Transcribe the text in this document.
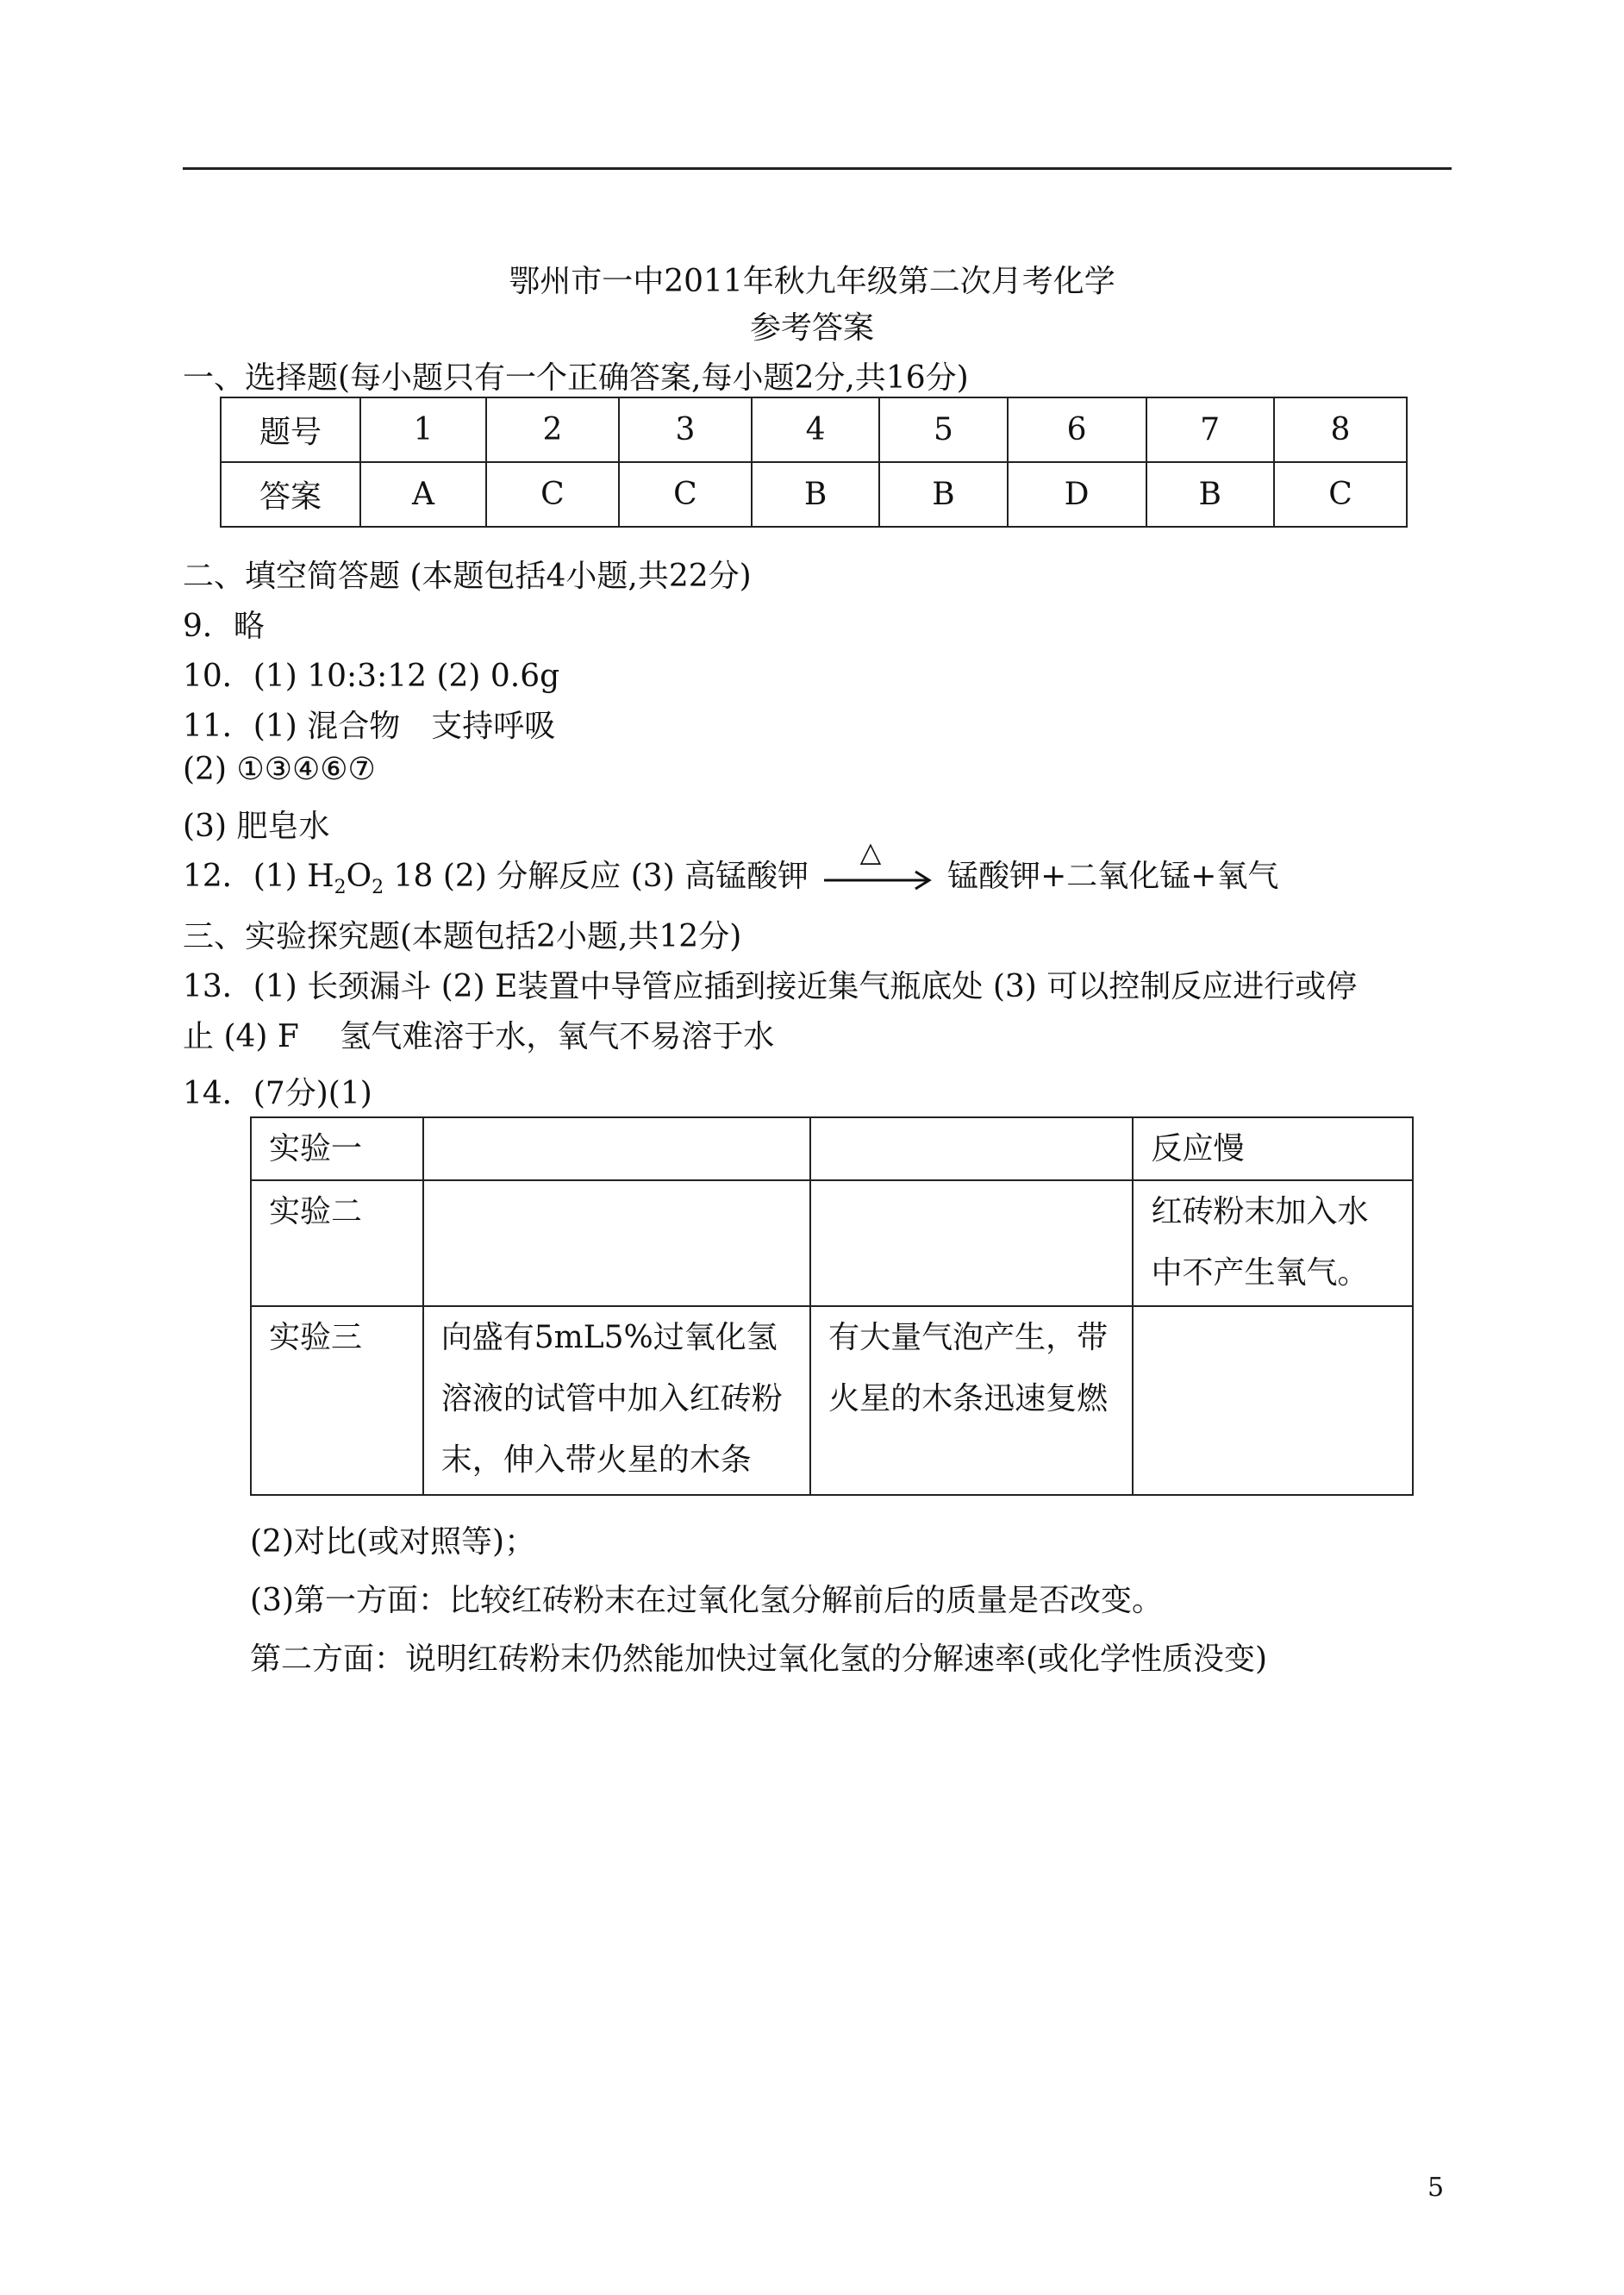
鄂州市一中2011年秋九年级第二次月考化学
参考答案
一、选择题(每小题只有一个正确答案,每小题2分,共16分)
题号	1	2	3	4	5	6	7	8
答案	A	C	C	B	B	D	B	C
二、填空简答题 (本题包括4小题,共22分)
9．略
10．(1) 10:3:12 (2) 0.6g
11．(1) 混合物　支持呼吸
(2) ①③④⑥⑦
(3) 肥皂水
12．(1) $H_2O_2$ 18 (2) 分解反应 (3) 高锰酸钾
△
锰酸钾+二氧化锰+氧气
三、实验探究题(本题包括2小题,共12分)
13．(1) 长颈漏斗 (2) E装置中导管应插到接近集气瓶底处 (3) 可以控制反应进行或停
止 (4) F　 氢气难溶于水，氧气不易溶于水
14．(7分)(1)
实验一			反应慢
实验二			红砖粉末加入水中不产生氧气。
实验三	向盛有5mL5%过氧化氢溶液的试管中加入红砖粉末，伸入带火星的木条	有大量气泡产生，带火星的木条迅速复燃	
(2)对比(或对照等)；
(3)第一方面：比较红砖粉末在过氧化氢分解前后的质量是否改变。
第二方面：说明红砖粉末仍然能加快过氧化氢的分解速率(或化学性质没变)
5
